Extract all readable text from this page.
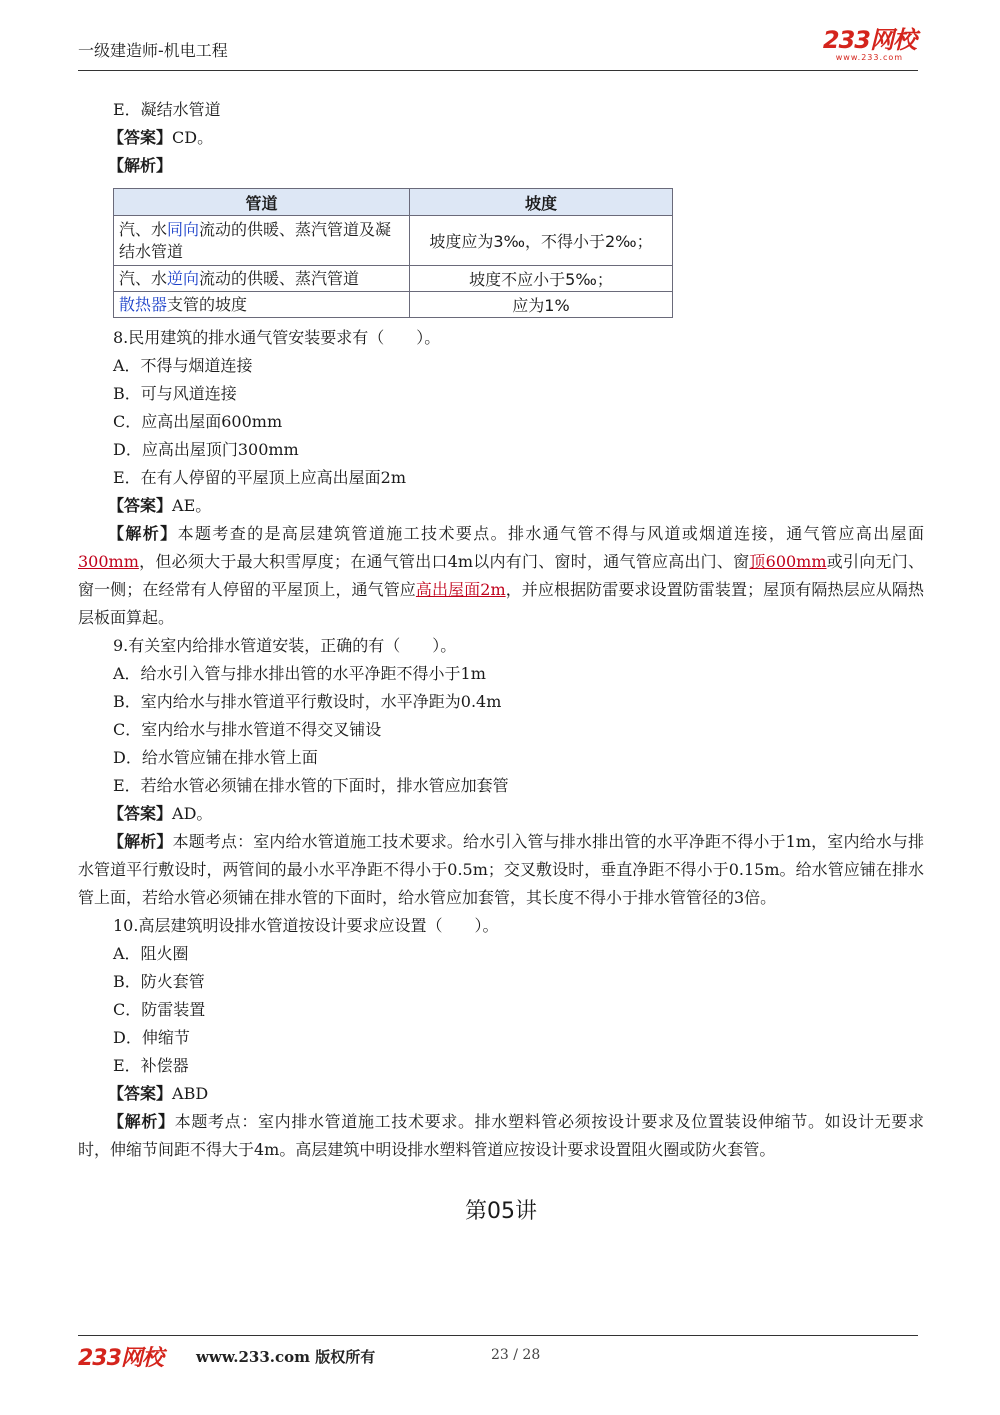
一级建造师-机电工程	233网校
www.233.com
E．凝结水管道
【答案】CD。
【解析】
管道	坡度
汽、水同向流动的供暖、蒸汽管道及凝结水管道	坡度应为3‰，不得小于2‰；
汽、水逆向流动的供暖、蒸汽管道	坡度不应小于5‰；
散热器支管的坡度	应为1%
8.民用建筑的排水通气管安装要求有（　　）。
A．不得与烟道连接
B．可与风道连接
C．应高出屋面600mm
D．应高出屋顶门300mm
E．在有人停留的平屋顶上应高出屋面2m
【答案】AE。
【解析】本题考查的是高层建筑管道施工技术要点。排水通气管不得与风道或烟道连接，通气管应高出屋面300mm，但必须大于最大积雪厚度；在通气管出口4m以内有门、窗时，通气管应高出门、窗顶600mm或引向无门、窗一侧；在经常有人停留的平屋顶上，通气管应高出屋面2m，并应根据防雷要求设置防雷装置；屋顶有隔热层应从隔热层板面算起。
9.有关室内给排水管道安装，正确的有（　　）。
A．给水引入管与排水排出管的水平净距不得小于1m
B．室内给水与排水管道平行敷设时，水平净距为0.4m
C．室内给水与排水管道不得交叉铺设
D．给水管应铺在排水管上面
E．若给水管必须铺在排水管的下面时，排水管应加套管
【答案】AD。
【解析】本题考点：室内给水管道施工技术要求。给水引入管与排水排出管的水平净距不得小于1m，室内给水与排水管道平行敷设时，两管间的最小水平净距不得小于0.5m；交叉敷设时，垂直净距不得小于0.15m。给水管应铺在排水管上面，若给水管必须铺在排水管的下面时，给水管应加套管，其长度不得小于排水管管径的3倍。
10.高层建筑明设排水管道按设计要求应设置（　　）。
A．阻火圈
B．防火套管
C．防雷装置
D．伸缩节
E．补偿器
【答案】ABD
【解析】本题考点：室内排水管道施工技术要求。排水塑料管必须按设计要求及位置装设伸缩节。如设计无要求时，伸缩节间距不得大于4m。高层建筑中明设排水塑料管道应按设计要求设置阻火圈或防火套管。
第05讲
233网校 www.233.com 版权所有	23 / 28
